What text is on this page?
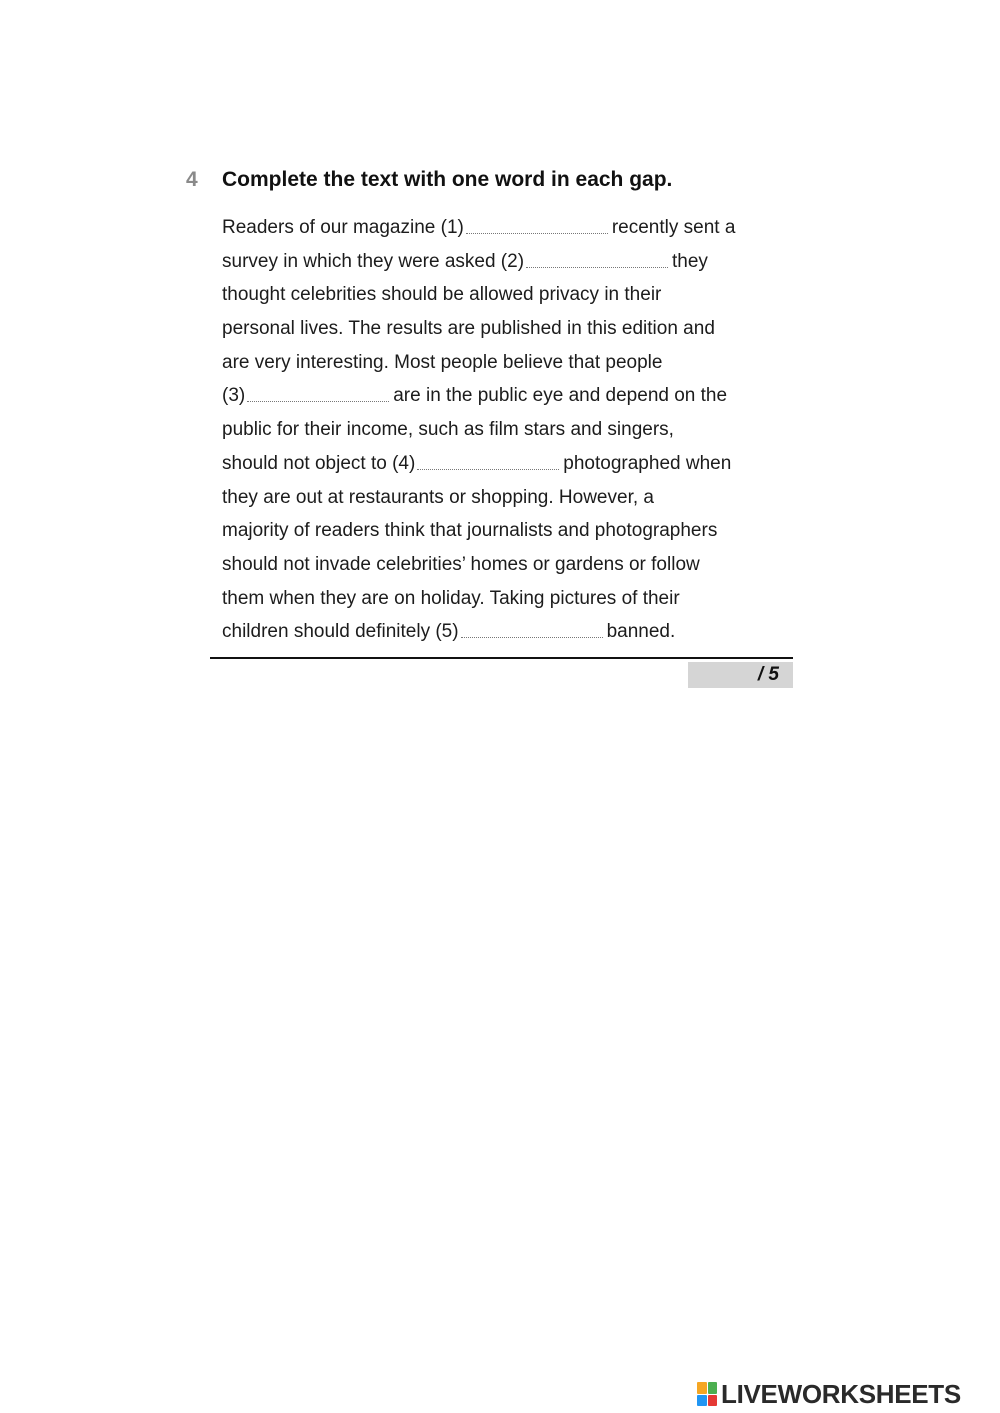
4 Complete the text with one word in each gap.
Readers of our magazine (1)	recently sent a
survey in which they were asked (2)	they
thought celebrities should be allowed privacy in their
personal lives. The results are published in this edition and
are very interesting. Most people believe that people
(3)	are in the public eye and depend on the
public for their income, such as film stars and singers,
should not object to (4)	photographed when
they are out at restaurants or shopping. However, a
majority of readers think that journalists and photographers
should not invade celebrities’ homes or gardens or follow
them when they are on holiday. Taking pictures of their
children should definitely (5)	banned.
/ 5
LIVEWORKSHEETS
